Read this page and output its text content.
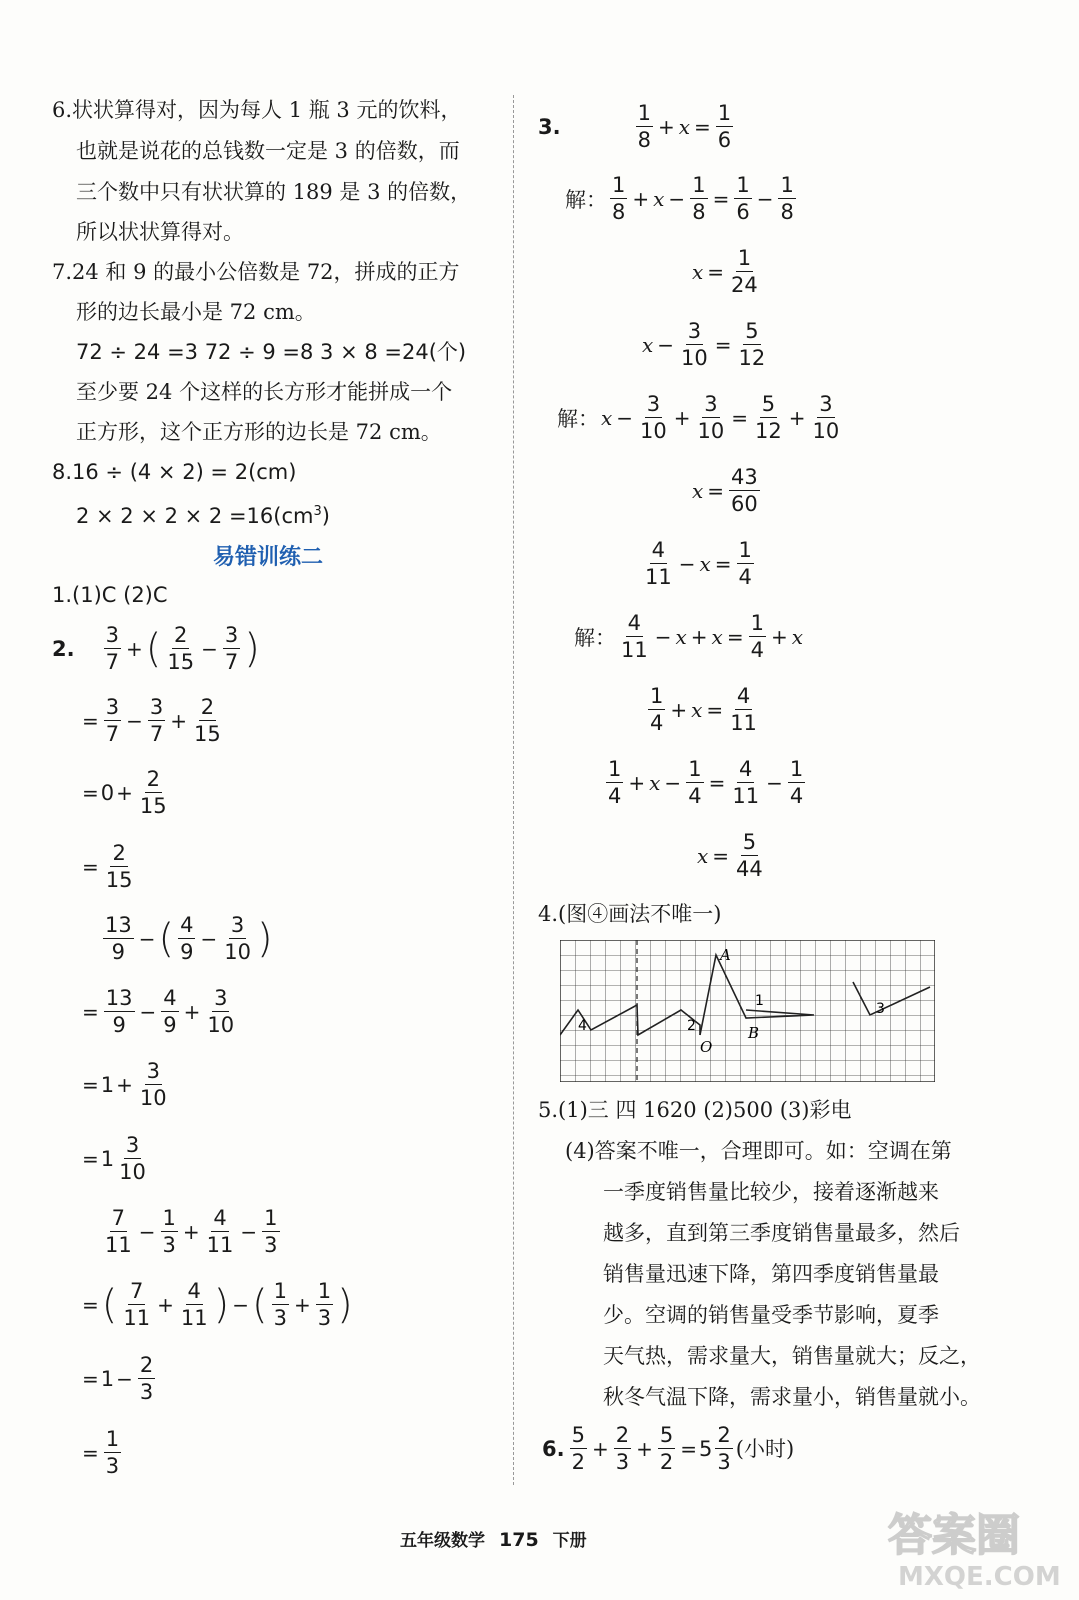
6.状状算得对，因为每人 1 瓶 3 元的饮料，
也就是说花的总钱数一定是 3 的倍数，而
三个数中只有状状算的 189 是 3 的倍数，
所以状状算得对。
7.24 和 9 的最小公倍数是 72，拼成的正方
形的边长最小是 72 cm。
72 ÷ 24 =3 72 ÷ 9 =8 3 × 8 =24(个)
至少要 24 个这样的长方形才能拼成一个
正方形，这个正方形的边长是 72 cm。
8.16 ÷ (4 × 2) = 2(cm)
$2 \times 2 \times 2 \times 2 =16(cm^3)$
易错训练二
1.(1)C (2)C
2. $\frac{3}{7}$ + ( $\frac{2}{15} - \frac{3}{7}$ )
= $\frac{3}{7} - \frac{3}{7} + \frac{2}{15}$
= $0 + \frac{2}{15}$
= $\frac{2}{15}$
$\frac{13}{9}$ − ( $\frac{4}{9} - \frac{3}{10}$ )
= $\frac{13}{9} - \frac{4}{9} + \frac{3}{10}$
= $1 + \frac{3}{10}$
= $1 \frac{3}{10}$
$\frac{7}{11} - \frac{1}{3} + \frac{4}{11} - \frac{1}{3}$
= ( $\frac{7}{11} + \frac{4}{11}$ ) − ( $\frac{1}{3} + \frac{1}{3}$ )
= $1 - \frac{2}{3}$
= $\frac{1}{3}$
3.	$\frac{1}{8} + x = \frac{1}{6}$
解： $\frac{1}{8} + x - \frac{1}{8} = \frac{1}{6} - \frac{1}{8}$
$x = \frac{1}{24}$
$x - \frac{3}{10} = \frac{5}{12}$
解： $x - \frac{3}{10} + \frac{3}{10} = \frac{5}{12} + \frac{3}{10}$
$x = \frac{43}{60}$
$\frac{4}{11} - x = \frac{1}{4}$
解： $\frac{4}{11} - x + x = \frac{1}{4} + x$
$\frac{1}{4} + x = \frac{4}{11}$
$\frac{1}{4} + x - \frac{1}{4} = \frac{4}{11} - \frac{1}{4}$
$x = \frac{5}{44}$
4.(图④画法不唯一)
A
B
O
1
2
3
4
5.(1)三 四 1620 (2)500 (3)彩电
(4)答案不唯一，合理即可。如：空调在第
一季度销售量比较少，接着逐渐越来
越多，直到第三季度销售量最多，然后
销售量迅速下降，第四季度销售量最
少。空调的销售量受季节影响，夏季
天气热，需求量大，销售量就大；反之，
秋冬气温下降，需求量小，销售量就小。
6. $\frac{5}{2} + \frac{2}{3} + \frac{5}{2} = 5 \frac{2}{3}$ (小时)
五年级数学 175 下册	答案圈
MXQE.COM
